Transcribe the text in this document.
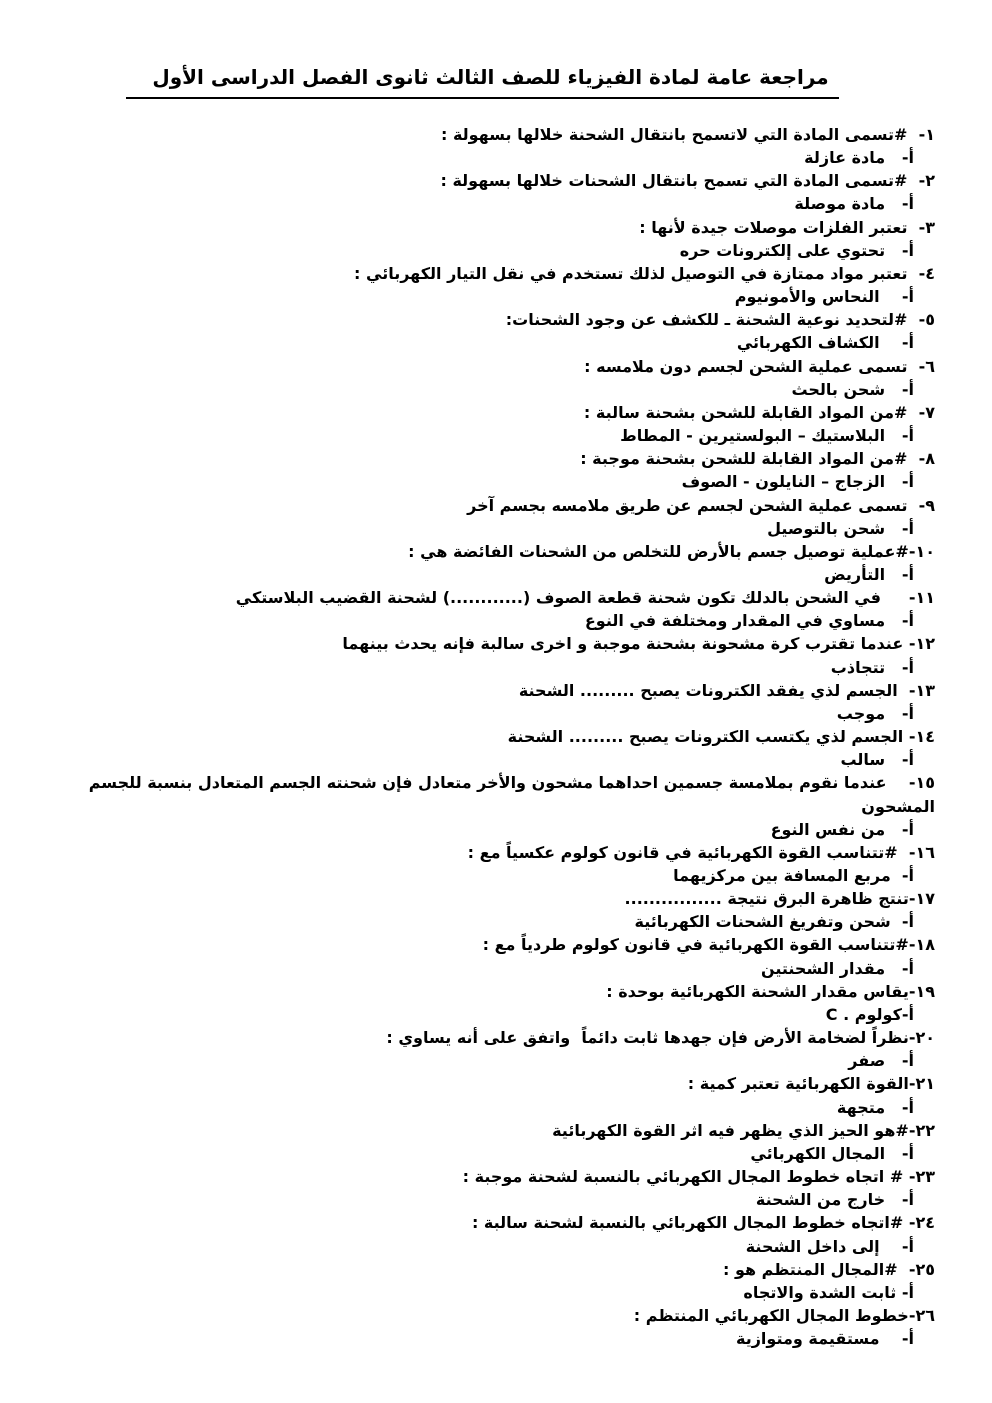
مراجعة عامة لمادة الفيزياء للصف الثالث ثانوى الفصل الدراسى الأول
١-  #تسمى المادة التي لاتسمح بانتقال الشحنة خلالها بسهولة :
أ-   مادة عازلة
٢-  #تسمى المادة التي تسمح بانتقال الشحنات خلالها بسهولة :
أ-   مادة موصلة
٣-  تعتبر الفلزات موصلات جيدة لأنها :
أ-   تحتوي على إلكترونات حره
٤-  تعتبر مواد ممتازة في التوصيل لذلك تستخدم في نقل التيار الكهربائي :
أ-    النحاس والأمونيوم
٥-  #لتحديد نوعية الشحنة ـ للكشف عن وجود الشحنات:
أ-    الكشاف الكهربائي
٦-  تسمى عملية الشحن لجسم دون ملامسه :
أ-   شحن بالحث
٧-  #من المواد القابلة للشحن بشحنة سالبة :
أ-   البلاستيك – البولستيرين - المطاط
٨-  #من المواد القابلة للشحن بشحنة موجبة :
أ-   الزجاج – النايلون - الصوف
٩-  تسمى عملية الشحن لجسم عن طريق ملامسه بجسم آخر
أ-   شحن بالتوصيل
١٠-#عملية توصيل جسم بالأرض للتخلص من الشحنات الفائضة هي :
أ-   التأريض
١١-     في الشحن بالدلك تكون شحنة قطعة الصوف (............) لشحنة القضيب البلاستكي
أ-   مساوي في المقدار ومختلفة في النوع
١٢- عندما تقترب كرة مشحونة بشحنة موجبة و اخرى سالبة فإنه يحدث بينهما
أ-   تتجاذب
١٣-  الجسم لذي يفقد الكترونات يصبح ......... الشحنة
أ-   موجب
١٤- الجسم لذي يكتسب الكترونات يصبح ......... الشحنة
أ-   سالب
١٥-    عندما نقوم بملامسة جسمين احداهما مشحون والأخر متعادل فإن شحنته الجسم المتعادل بنسبة للجسم المشحون
أ-   من نفس النوع
١٦-  #تتناسب القوة الكهربائية في قانون كولوم عكسياً مع :
أ-  مربع المسافة بين مركزيهما
١٧-تنتج ظاهرة البرق نتيجة ................
أ-  شحن وتفريغ الشحنات الكهربائية
١٨-#تتناسب القوة الكهربائية في قانون كولوم طردياً مع :
أ-   مقدار الشحنتين
١٩-يقاس مقدار الشحنة الكهربائية بوحدة :
أ-كولوم . C
٢٠-نظراً لضخامة الأرض فإن جهدها ثابت دائماً  واتفق على أنه يساوي :
أ-   صفر
٢١-القوة الكهربائية تعتبر كمية :
أ-   متجهة
٢٢-#هو الحيز الذي يظهر فيه اثر القوة الكهربائية
أ-   المجال الكهربائي
٢٣- # اتجاه خطوط المجال الكهربائي بالنسبة لشحنة موجبة :
أ-   خارج من الشحنة
٢٤- #اتجاه خطوط المجال الكهربائي بالنسبة لشحنة سالبة :
أ-    إلى داخل الشحنة
٢٥-  #المجال المنتظم هو :
أ- ثابت الشدة والاتجاه
٢٦-خطوط المجال الكهربائي المنتظم :
أ-    مستقيمة ومتوازية
